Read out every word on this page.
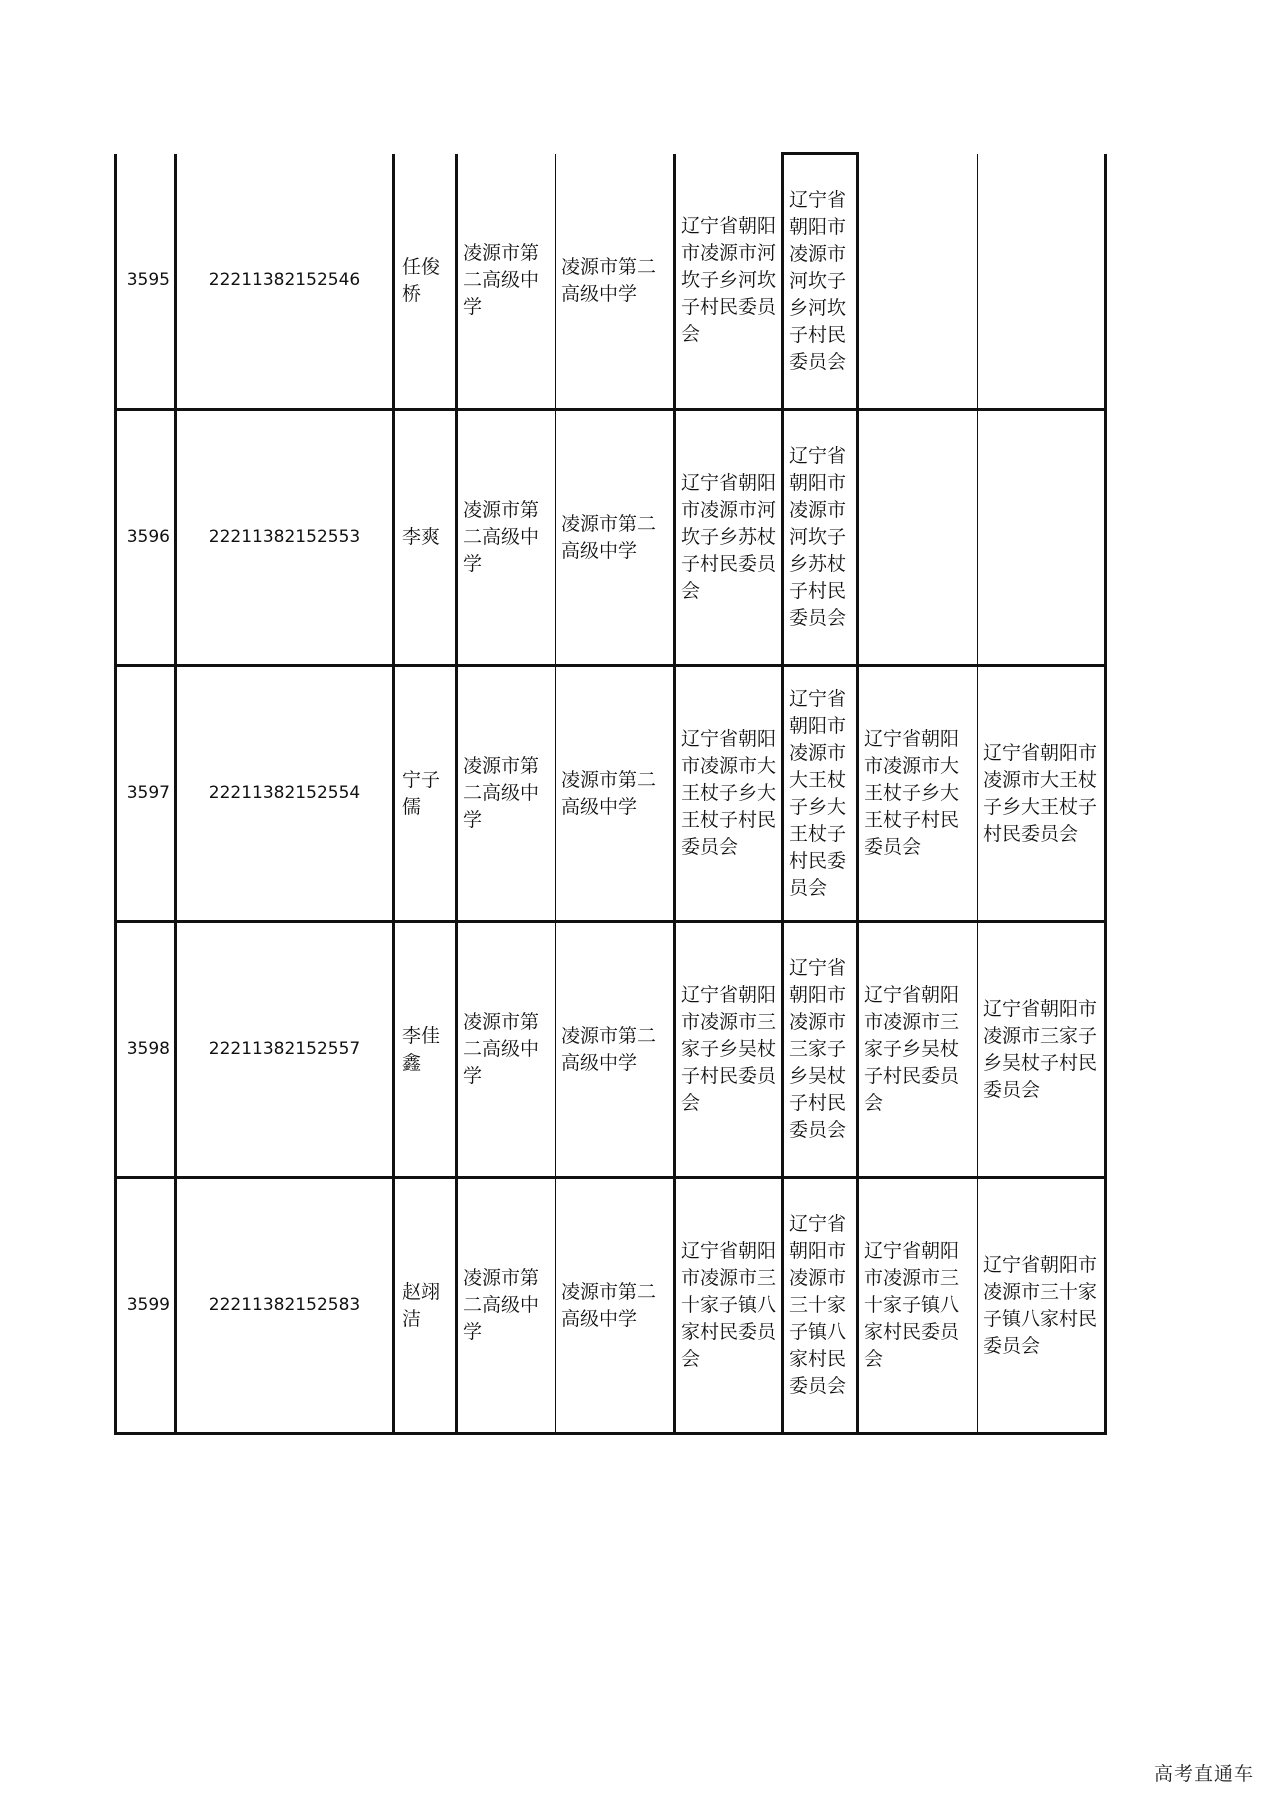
3595	22211382152546	任俊桥	凌源市第二高级中学	凌源市第二高级中学	辽宁省朝阳市凌源市河坎子乡河坎子村民委员会	辽宁省朝阳市凌源市河坎子乡河坎子村民委员会		
3596	22211382152553	李爽	凌源市第二高级中学	凌源市第二高级中学	辽宁省朝阳市凌源市河坎子乡苏杖子村民委员会	辽宁省朝阳市凌源市河坎子乡苏杖子村民委员会		
3597	22211382152554	宁子儒	凌源市第二高级中学	凌源市第二高级中学	辽宁省朝阳市凌源市大王杖子乡大王杖子村民委员会	辽宁省朝阳市凌源市大王杖子乡大王杖子村民委员会	辽宁省朝阳市凌源市大王杖子乡大王杖子村民委员会	辽宁省朝阳市凌源市大王杖子乡大王杖子村民委员会
3598	22211382152557	李佳鑫	凌源市第二高级中学	凌源市第二高级中学	辽宁省朝阳市凌源市三家子乡吴杖子村民委员会	辽宁省朝阳市凌源市三家子乡吴杖子村民委员会	辽宁省朝阳市凌源市三家子乡吴杖子村民委员会	辽宁省朝阳市凌源市三家子乡吴杖子村民委员会
3599	22211382152583	赵翊洁	凌源市第二高级中学	凌源市第二高级中学	辽宁省朝阳市凌源市三十家子镇八家村民委员会	辽宁省朝阳市凌源市三十家子镇八家村民委员会	辽宁省朝阳市凌源市三十家子镇八家村民委员会	辽宁省朝阳市凌源市三十家子镇八家村民委员会
高考直通车
